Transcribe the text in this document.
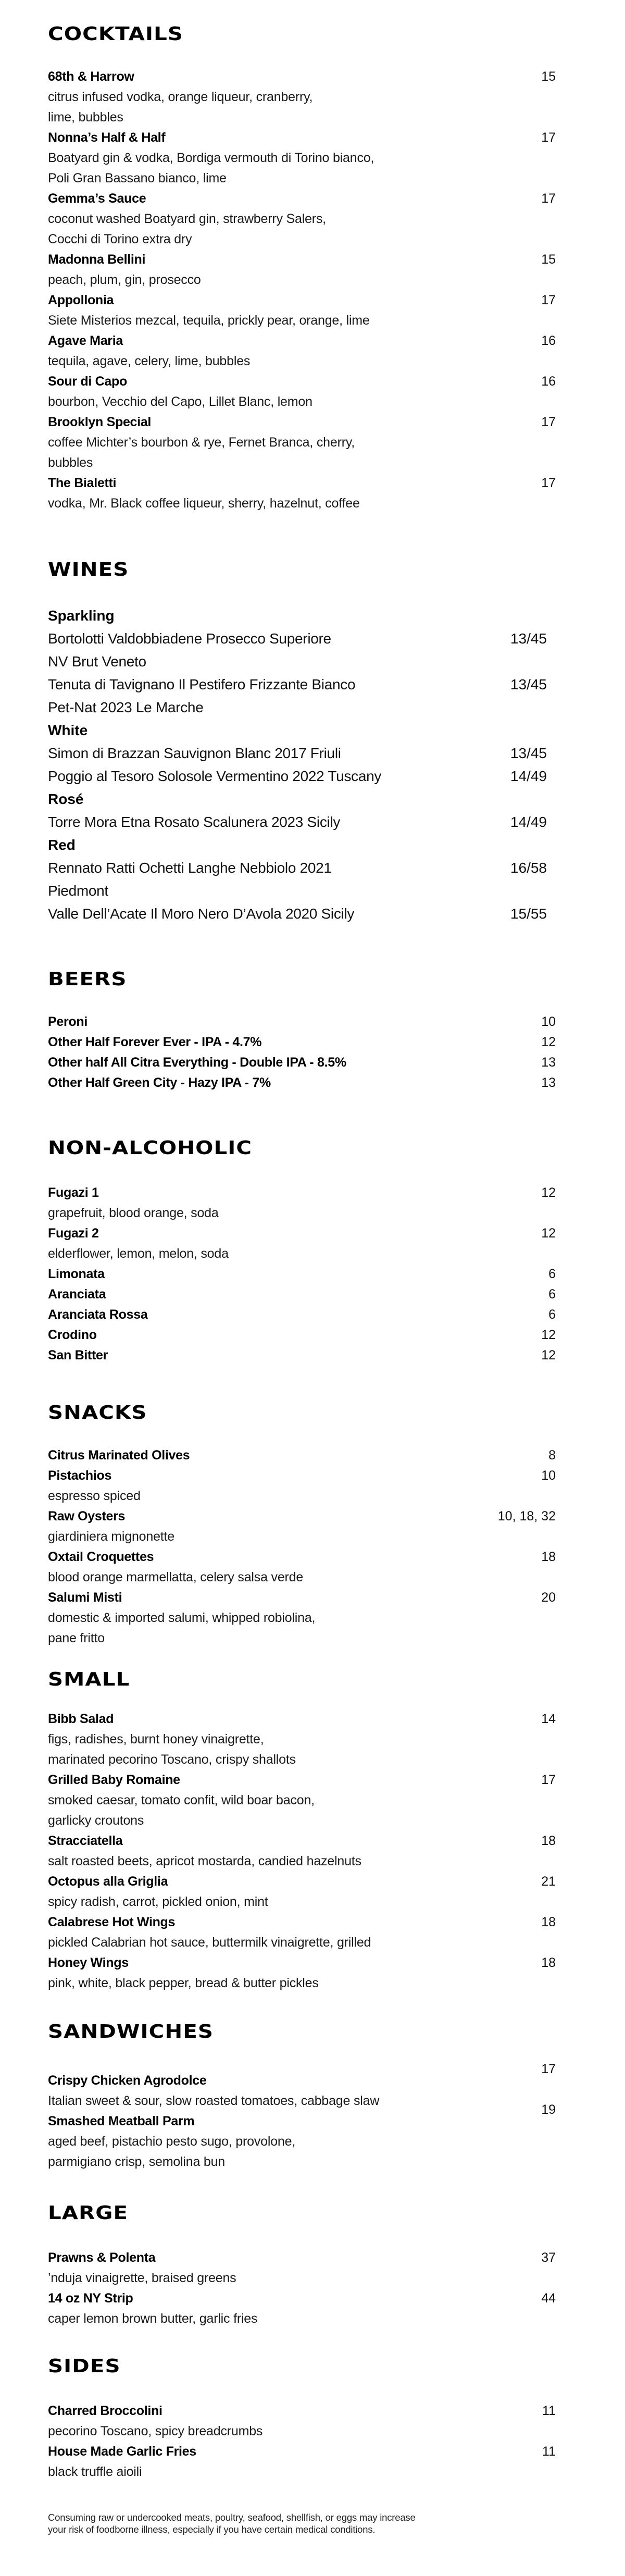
COCKTAILS
68th & Harrow	15
citrus infused vodka, orange liqueur, cranberry,
lime, bubbles
Nonna’s Half & Half	17
Boatyard gin & vodka, Bordiga vermouth di Torino bianco,
Poli Gran Bassano bianco, lime
Gemma’s Sauce	17
coconut washed Boatyard gin, strawberry Salers,
Cocchi di Torino extra dry
Madonna Bellini	15
peach, plum, gin, prosecco
Appollonia	17
Siete Misterios mezcal, tequila, prickly pear, orange, lime
Agave Maria	16
tequila, agave, celery, lime, bubbles
Sour di Capo	16
bourbon, Vecchio del Capo, Lillet Blanc, lemon
Brooklyn Special	17
coffee Michter’s bourbon & rye, Fernet Branca, cherry,
bubbles
The Bialetti	17
vodka, Mr. Black coffee liqueur, sherry, hazelnut, coffee
WINES
Sparkling
Bortolotti Valdobbiadene Prosecco Superiore
NV Brut Veneto
13/45
Tenuta di Tavignano Il Pestifero Frizzante Bianco
Pet-Nat 2023 Le Marche
13/45
White
Simon di Brazzan Sauvignon Blanc 2017 Friuli	13/45
Poggio al Tesoro Solosole Vermentino 2022 Tuscany	14/49
Rosé
Torre Mora Etna Rosato Scalunera 2023 Sicily	14/49
Red
Rennato Ratti Ochetti Langhe Nebbiolo 2021
Piedmont
16/58
Valle Dell’Acate Il Moro Nero D’Avola 2020 Sicily	15/55
BEERS
Peroni	10
Other Half Forever Ever - IPA - 4.7%	12
Other half All Citra Everything - Double IPA - 8.5%	13
Other Half Green City - Hazy IPA - 7%	13
NON-ALCOHOLIC
Fugazi 1	12
grapefruit, blood orange, soda
Fugazi 2	12
elderflower, lemon, melon, soda
Limonata	6
Aranciata	6
Aranciata Rossa	6
Crodino	12
San Bitter	12
SNACKS
Citrus Marinated Olives	8
Pistachios	10
espresso spiced
Raw Oysters	10, 18, 32
giardiniera mignonette
Oxtail Croquettes	18
blood orange marmellatta, celery salsa verde
Salumi Misti	20
domestic & imported salumi, whipped robiolina,
pane fritto
SMALL
Bibb Salad	14
figs, radishes, burnt honey vinaigrette,
marinated pecorino Toscano, crispy shallots
Grilled Baby Romaine	17
smoked caesar, tomato confit, wild boar bacon,
garlicky croutons
Stracciatella	18
salt roasted beets, apricot mostarda, candied hazelnuts
Octopus alla Griglia	21
spicy radish, carrot, pickled onion, mint
Calabrese Hot Wings	18
pickled Calabrian hot sauce, buttermilk vinaigrette, grilled
Honey Wings	18
pink, white, black pepper, bread & butter pickles
SANDWICHES
Crispy Chicken Agrodolce
17
Italian sweet & sour, slow roasted tomatoes, cabbage slaw
Smashed Meatball Parm
19
aged beef, pistachio pesto sugo, provolone,
parmigiano crisp, semolina bun
LARGE
Prawns & Polenta	37
’nduja vinaigrette, braised greens
14 oz NY Strip	44
caper lemon brown butter, garlic fries
SIDES
Charred Broccolini	11
pecorino Toscano, spicy breadcrumbs
House Made Garlic Fries	11
black truffle aioili
Consuming raw or undercooked meats, poultry, seafood, shellfish, or eggs may increase
your risk of foodborne illness, especially if you have certain medical conditions.
